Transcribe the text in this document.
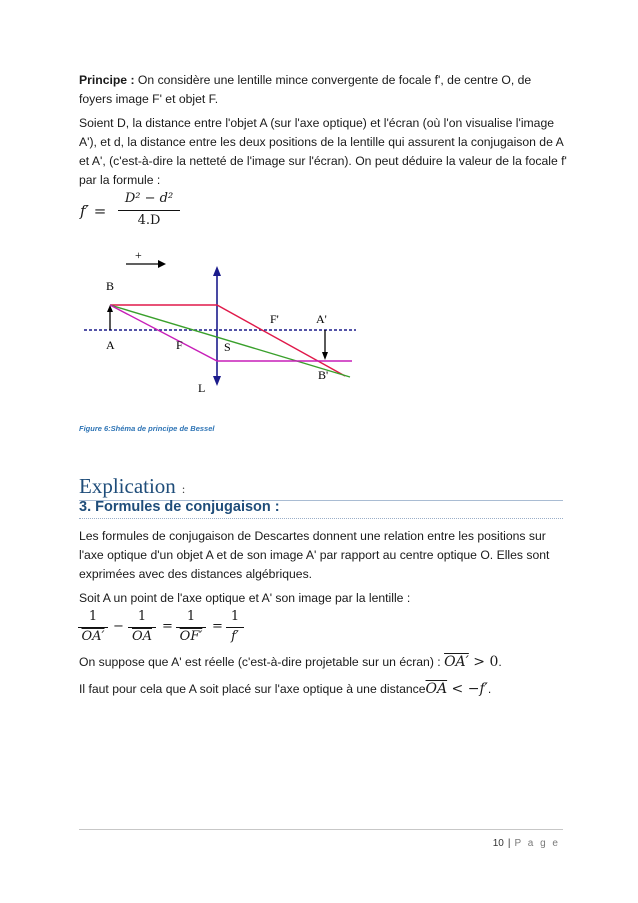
Principe : On considère une lentille mince convergente de focale f', de centre O, de foyers image F' et objet F.
Soient D, la distance entre l'objet A (sur l'axe optique) et l'écran (où l'on visualise l'image A'), et d, la distance entre les deux positions de la lentille qui assurent la conjugaison de A et A', (c'est-à-dire la netteté de l'image sur l'écran). On peut déduire la valeur de la focale f' par la formule :
f′ =
D² − d²
4.D
+
B
A	F	S
L
F'	A'
B'
Figure 6:Shéma de principe de Bessel
Explication :
3. Formules de conjugaison :
Les formules de conjugaison de Descartes donnent une relation entre les positions sur l'axe optique d'un objet A et de son image A' par rapport au centre optique O. Elles sont exprimées avec des distances algébriques.
Soit A un point de l'axe optique et A' son image par la lentille :
1
OA′
−
1
$\overline{OA}$
=
1
OF′
=
1
f′
On suppose que A' est réelle (c'est-à-dire projetable sur un écran) : OA′ > 0.
Il faut pour cela que A soit placé sur l'axe optique à une $distance\overline{OA} < -f'$.
10 | P a g e
